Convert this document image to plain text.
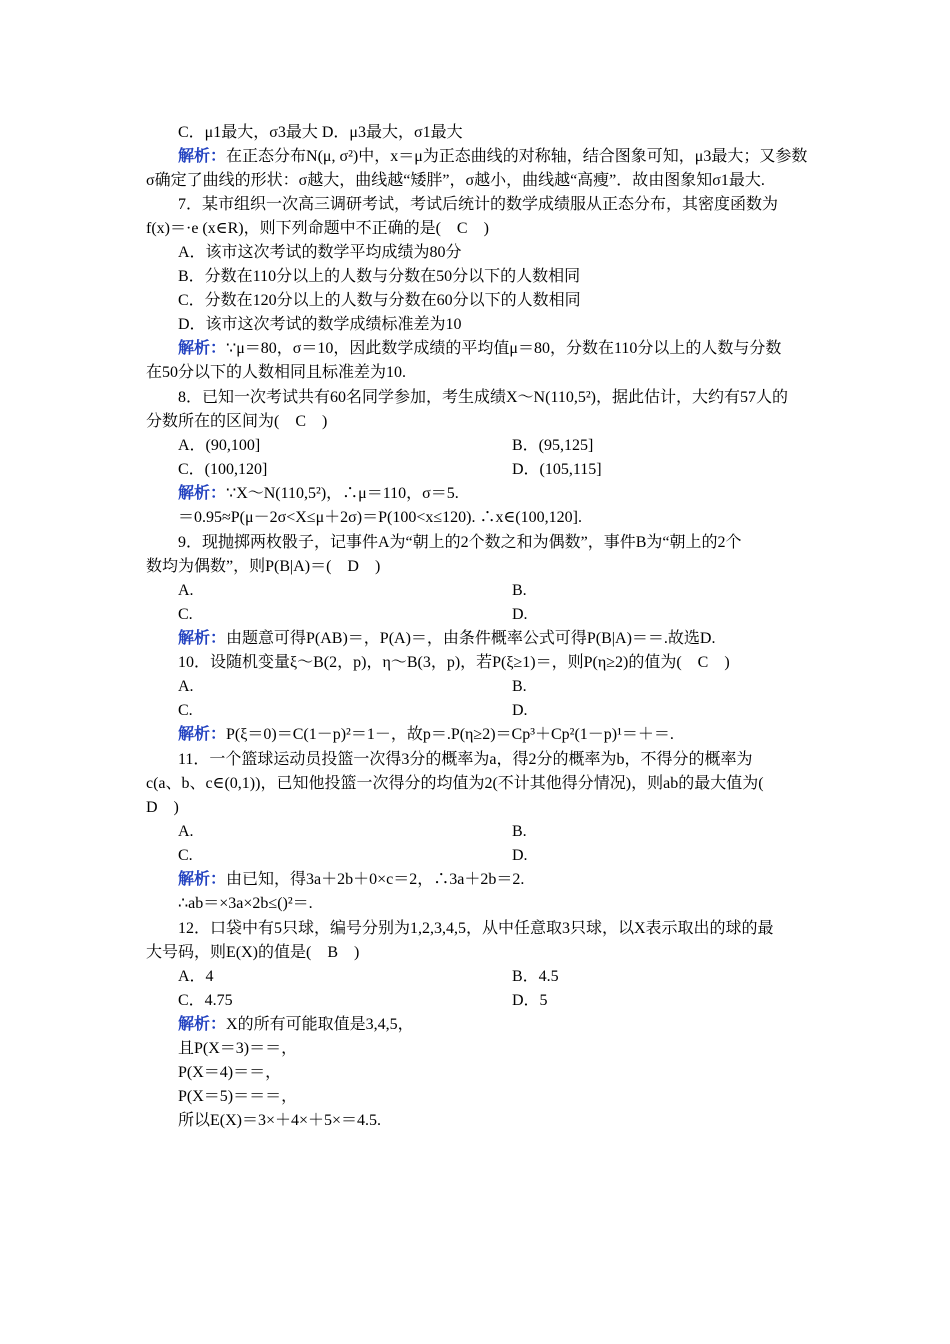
C．μ1最大，σ3最大 D．μ3最大，σ1最大
解析：在正态分布N(μ, σ²)中，x＝μ为正态曲线的对称轴，结合图象可知，μ3最大；又参数
σ确定了曲线的形状：σ越大，曲线越“矮胖”，σ越小，曲线越“高瘦”．故由图象知σ1最大.
7．某市组织一次高三调研考试，考试后统计的数学成绩服从正态分布，其密度函数为
f(x)＝·e (x∈R)，则下列命题中不正确的是(　C　)
A．该市这次考试的数学平均成绩为80分
B．分数在110分以上的人数与分数在50分以下的人数相同
C．分数在120分以上的人数与分数在60分以下的人数相同
D．该市这次考试的数学成绩标准差为10
解析：∵μ＝80，σ＝10，因此数学成绩的平均值μ＝80，分数在110分以上的人数与分数
在50分以下的人数相同且标准差为10.
8．已知一次考试共有60名同学参加，考生成绩X～N(110,5²)，据此估计，大约有57人的
分数所在的区间为(　C　)
A．(90,100]	B．(95,125]
C．(100,120]	D．(105,115]
解析：∵X～N(110,5²)，∴μ＝110，σ＝5.
＝0.95≈P(μ－2σ<X≤μ＋2σ)＝P(100<x≤120). ∴x∈(100,120].
9．现抛掷两枚骰子，记事件A为“朝上的2个数之和为偶数”，事件B为“朝上的2个
数均为偶数”，则P(B|A)＝(　D　)
A.	B.
C.	D.
解析：由题意可得P(AB)＝，P(A)＝，由条件概率公式可得P(B|A)＝＝.故选D.
10．设随机变量ξ～B(2，p)，η～B(3，p)，若P(ξ≥1)＝，则P(η≥2)的值为(　C　)
A.	B.
C.	D.
解析：P(ξ＝0)＝C(1－p)²＝1－，故p＝.P(η≥2)＝Cp³＋Cp²(1－p)¹＝＋＝.
11．一个篮球运动员投篮一次得3分的概率为a，得2分的概率为b，不得分的概率为
c(a、b、c∈(0,1))，已知他投篮一次得分的均值为2(不计其他得分情况)，则ab的最大值为(
D　)
A.	B.
C.	D.
解析：由已知，得3a＋2b＋0×c＝2，∴3a＋2b＝2.
∴ab＝×3a×2b≤()²＝.
12．口袋中有5只球，编号分别为1,2,3,4,5，从中任意取3只球，以X表示取出的球的最
大号码，则E(X)的值是(　B　)
A．4	B．4.5
C．4.75	D．5
解析：X的所有可能取值是3,4,5，
且P(X＝3)＝＝，
P(X＝4)＝＝，
P(X＝5)＝＝＝，
所以E(X)＝3×＋4×＋5×＝4.5.
